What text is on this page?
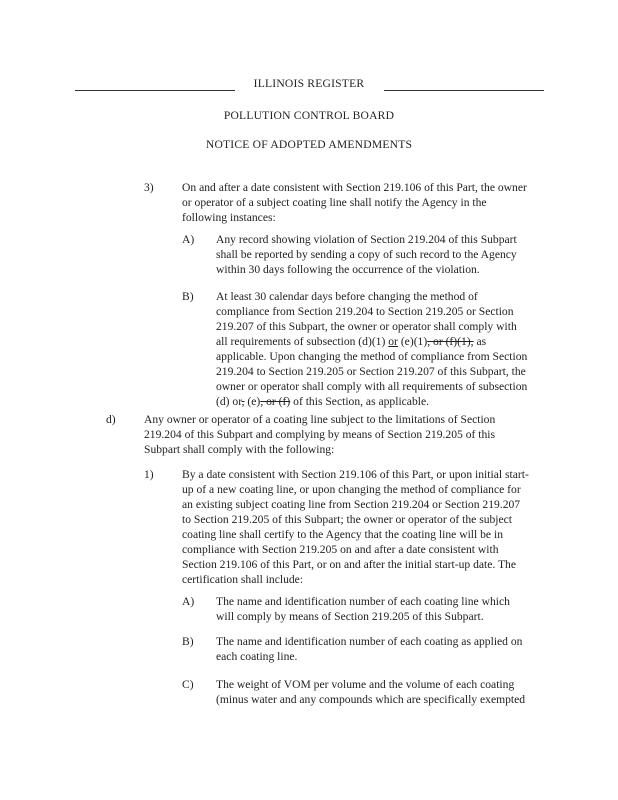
ILLINOIS REGISTER
POLLUTION CONTROL BOARD
NOTICE OF ADOPTED AMENDMENTS
3) On and after a date consistent with Section 219.106 of this Part, the owner

or operator of a subject coating line shall notify the Agency in the

following instances:

A) Any record showing violation of Section 219.204 of this Subpart

shall be reported by sending a copy of such record to the Agency

within 30 days following the occurrence of the violation.

B) At least 30 calendar days before changing the method of

compliance from Section 219.204 to Section 219.205 or Section

219.207 of this Subpart, the owner or operator shall comply with

all requirements of subsection (d)(1) or (e)(1), or (f)(1), as

applicable. Upon changing the method of compliance from Section

219.204 to Section 219.205 or Section 219.207 of this Subpart, the

owner or operator shall comply with all requirements of subsection

(d) or, (e), or (f) of this Section, as applicable.

d) Any owner or operator of a coating line subject to the limitations of Section

219.204 of this Subpart and complying by means of Section 219.205 of this

Subpart shall comply with the following:

1) By a date consistent with Section 219.106 of this Part, or upon initial start-

up of a new coating line, or upon changing the method of compliance for

an existing subject coating line from Section 219.204 or Section 219.207

to Section 219.205 of this Subpart; the owner or operator of the subject

coating line shall certify to the Agency that the coating line will be in

compliance with Section 219.205 on and after a date consistent with

Section 219.106 of this Part, or on and after the initial start-up date. The

certification shall include:

A) The name and identification number of each coating line which

will comply by means of Section 219.205 of this Subpart.

B) The name and identification number of each coating as applied on

each coating line.

C) The weight of VOM per volume and the volume of each coating

(minus water and any compounds which are specifically exempted
